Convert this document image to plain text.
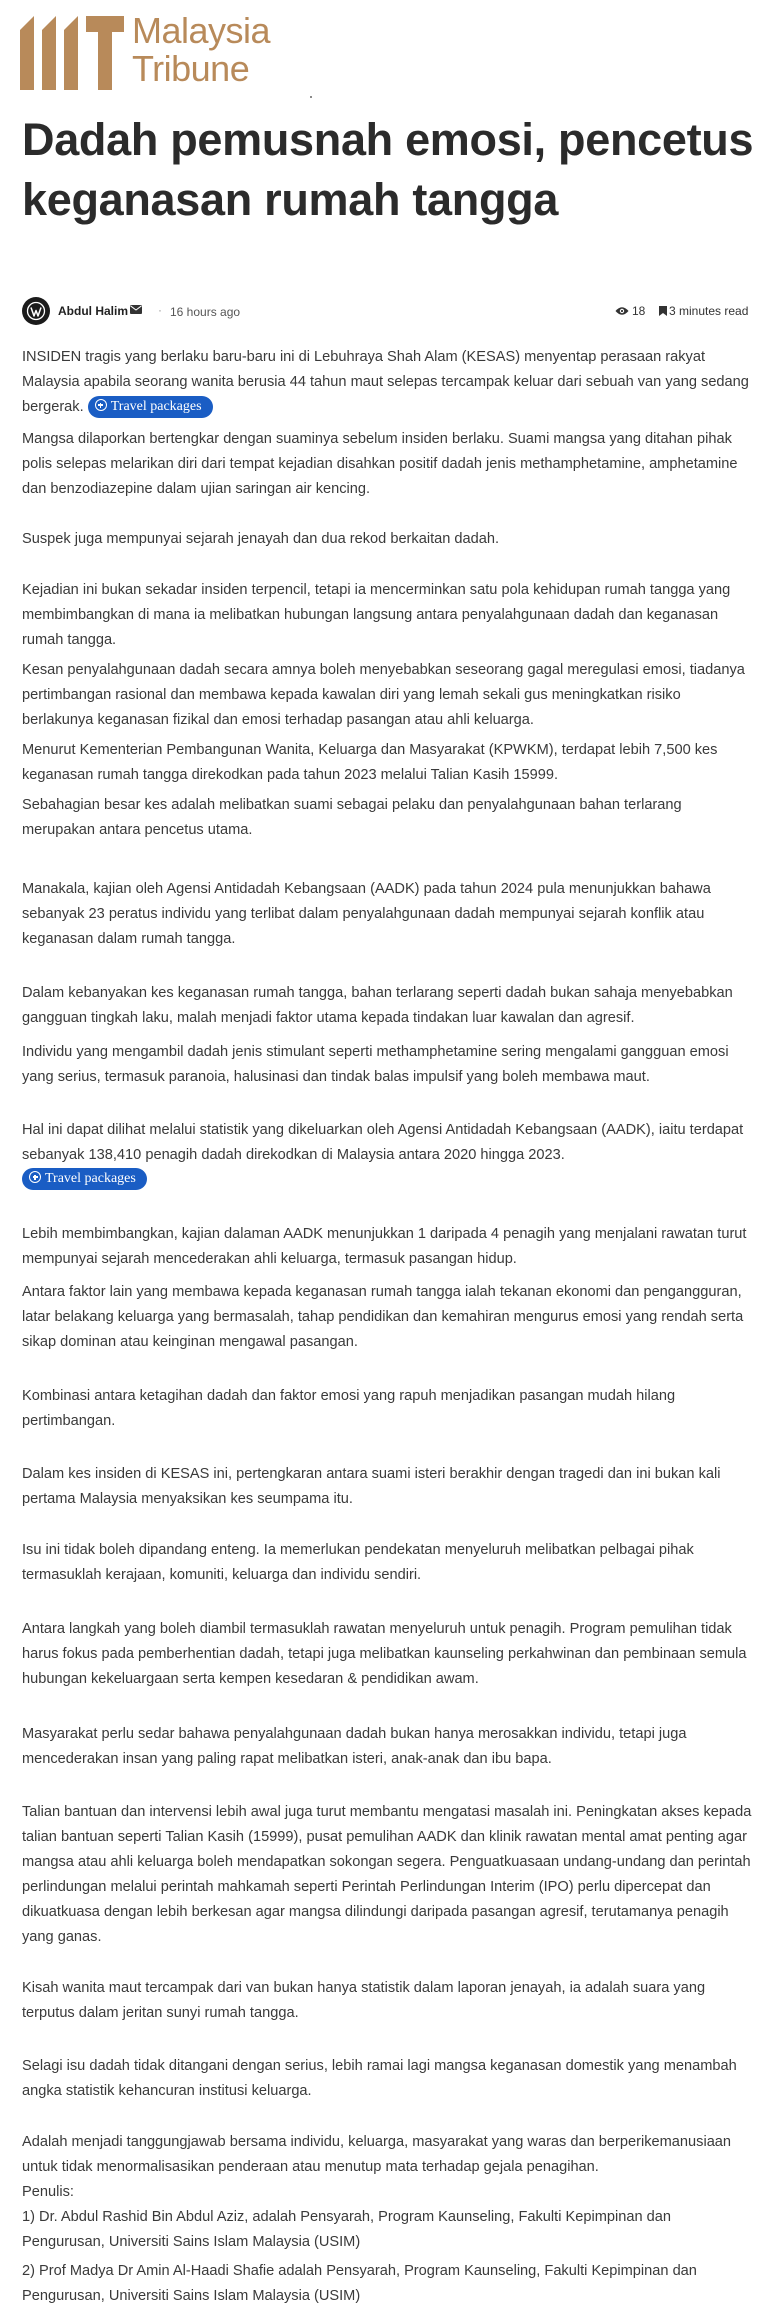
Malaysia
Tribune
Dadah pemusnah emosi, pencetus keganasan rumah tangga
Abdul Halim · 16 hours ago	18	3 minutes read

INSIDEN tragis yang berlaku baru-baru ini di Lebuhraya Shah Alam (KESAS) menyentap perasaan rakyat Malaysia apabila seorang wanita berusia 44 tahun maut selepas tercampak keluar dari sebuah van yang sedang bergerak. Travel packages

Mangsa dilaporkan bertengkar dengan suaminya sebelum insiden berlaku. Suami mangsa yang ditahan pihak polis selepas melarikan diri dari tempat kejadian disahkan positif dadah jenis methamphetamine, amphetamine dan benzodiazepine dalam ujian saringan air kencing.

Suspek juga mempunyai sejarah jenayah dan dua rekod berkaitan dadah.

Kejadian ini bukan sekadar insiden terpencil, tetapi ia mencerminkan satu pola kehidupan rumah tangga yang membimbangkan di mana ia melibatkan hubungan langsung antara penyalahgunaan dadah dan keganasan rumah tangga.

Kesan penyalahgunaan dadah secara amnya boleh menyebabkan seseorang gagal meregulasi emosi, tiadanya pertimbangan rasional dan membawa kepada kawalan diri yang lemah sekali gus meningkatkan risiko berlakunya keganasan fizikal dan emosi terhadap pasangan atau ahli keluarga.

Menurut Kementerian Pembangunan Wanita, Keluarga dan Masyarakat (KPWKM), terdapat lebih 7,500 kes keganasan rumah tangga direkodkan pada tahun 2023 melalui Talian Kasih 15999.

Sebahagian besar kes adalah melibatkan suami sebagai pelaku dan penyalahgunaan bahan terlarang merupakan antara pencetus utama.

Manakala, kajian oleh Agensi Antidadah Kebangsaan (AADK) pada tahun 2024 pula menunjukkan bahawa sebanyak 23 peratus individu yang terlibat dalam penyalahgunaan dadah mempunyai sejarah konflik atau keganasan dalam rumah tangga.

Dalam kebanyakan kes keganasan rumah tangga, bahan terlarang seperti dadah bukan sahaja menyebabkan gangguan tingkah laku, malah menjadi faktor utama kepada tindakan luar kawalan dan agresif.

Individu yang mengambil dadah jenis stimulant seperti methamphetamine sering mengalami gangguan emosi yang serius, termasuk paranoia, halusinasi dan tindak balas impulsif yang boleh membawa maut.

Hal ini dapat dilihat melalui statistik yang dikeluarkan oleh Agensi Antidadah Kebangsaan (AADK), iaitu terdapat sebanyak 138,410 penagih dadah direkodkan di Malaysia antara 2020 hingga 2023.

Travel packages

Lebih membimbangkan, kajian dalaman AADK menunjukkan 1 daripada 4 penagih yang menjalani rawatan turut mempunyai sejarah mencederakan ahli keluarga, termasuk pasangan hidup.

Antara faktor lain yang membawa kepada keganasan rumah tangga ialah tekanan ekonomi dan pengangguran, latar belakang keluarga yang bermasalah, tahap pendidikan dan kemahiran mengurus emosi yang rendah serta sikap dominan atau keinginan mengawal pasangan.

Kombinasi antara ketagihan dadah dan faktor emosi yang rapuh menjadikan pasangan mudah hilang pertimbangan.

Dalam kes insiden di KESAS ini, pertengkaran antara suami isteri berakhir dengan tragedi dan ini bukan kali pertama Malaysia menyaksikan kes seumpama itu.

Isu ini tidak boleh dipandang enteng. Ia memerlukan pendekatan menyeluruh melibatkan pelbagai pihak termasuklah kerajaan, komuniti, keluarga dan individu sendiri.

Antara langkah yang boleh diambil termasuklah rawatan menyeluruh untuk penagih. Program pemulihan tidak harus fokus pada pemberhentian dadah, tetapi juga melibatkan kaunseling perkahwinan dan pembinaan semula hubungan kekeluargaan serta kempen kesedaran & pendidikan awam.

Masyarakat perlu sedar bahawa penyalahgunaan dadah bukan hanya merosakkan individu, tetapi juga mencederakan insan yang paling rapat melibatkan isteri, anak-anak dan ibu bapa.

Talian bantuan dan intervensi lebih awal juga turut membantu mengatasi masalah ini. Peningkatan akses kepada talian bantuan seperti Talian Kasih (15999), pusat pemulihan AADK dan klinik rawatan mental amat penting agar mangsa atau ahli keluarga boleh mendapatkan sokongan segera. Penguatkuasaan undang-undang dan perintah perlindungan melalui perintah mahkamah seperti Perintah Perlindungan Interim (IPO) perlu dipercepat dan dikuatkuasa dengan lebih berkesan agar mangsa dilindungi daripada pasangan agresif, terutamanya penagih yang ganas.

Kisah wanita maut tercampak dari van bukan hanya statistik dalam laporan jenayah, ia adalah suara yang terputus dalam jeritan sunyi rumah tangga.

Selagi isu dadah tidak ditangani dengan serius, lebih ramai lagi mangsa keganasan domestik yang menambah angka statistik kehancuran institusi keluarga.

Adalah menjadi tanggungjawab bersama individu, keluarga, masyarakat yang waras dan berperikemanusiaan untuk tidak menormalisasikan penderaan atau menutup mata terhadap gejala penagihan.

Penulis:

1) Dr. Abdul Rashid Bin Abdul Aziz, adalah Pensyarah, Program Kaunseling, Fakulti Kepimpinan dan Pengurusan, Universiti Sains Islam Malaysia (USIM)

2) Prof Madya Dr Amin Al-Haadi Shafie adalah Pensyarah, Program Kaunseling, Fakulti Kepimpinan dan Pengurusan, Universiti Sains Islam Malaysia (USIM)
